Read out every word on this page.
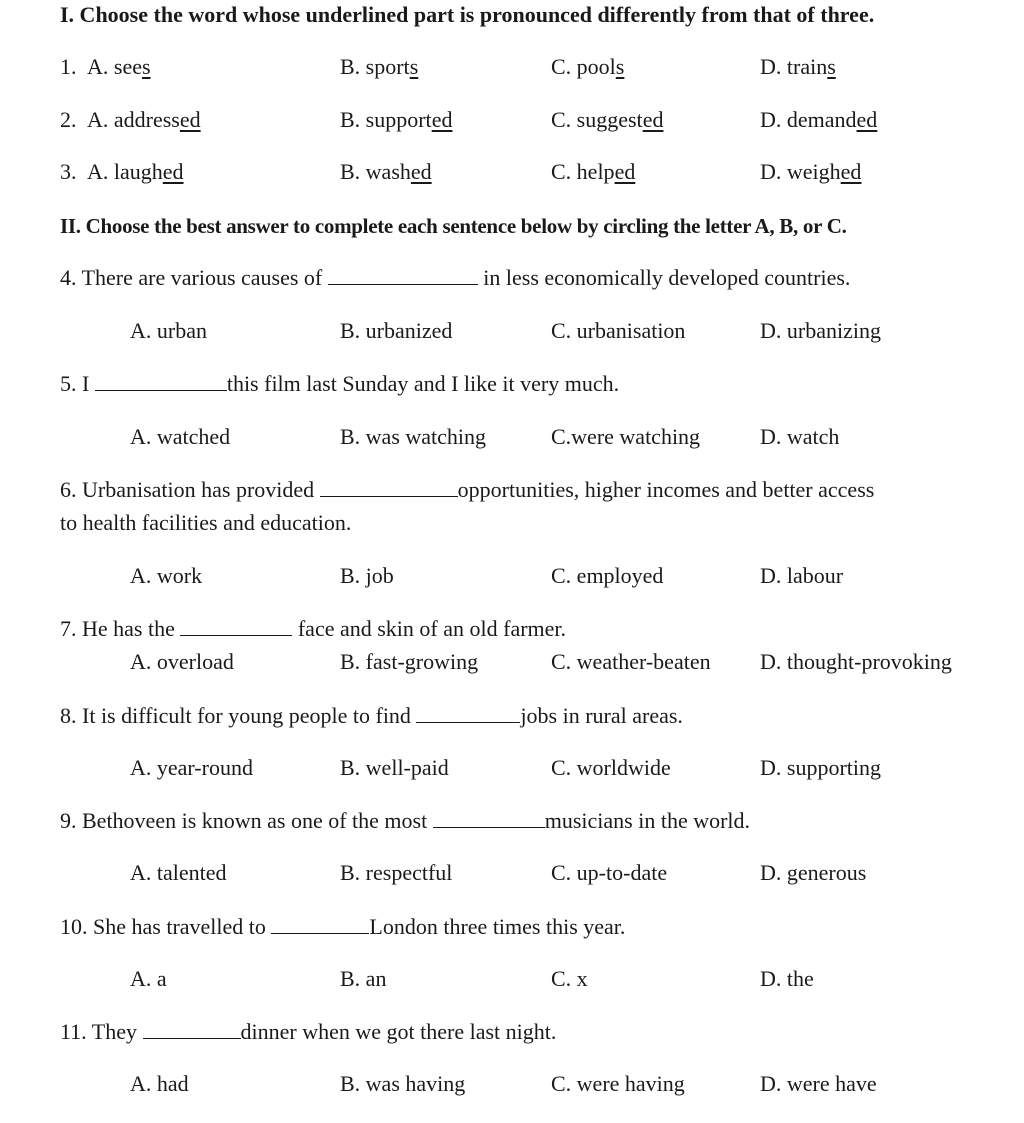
I. Choose the word whose underlined part is pronounced differently from that of three.
1. A. sees	B. sports	C. pools	D. trains
2. A. addressed	B. supported	C. suggested	D. demanded
3. A. laughed	B. washed	C. helped	D. weighed
II. Choose the best answer to complete each sentence below by circling the letter A, B, or C.
4. There are various causes of	in less economically developed countries.
A. urban	B. urbanized	C. urbanisation	D. urbanizing
5. I	this film last Sunday and I like it very much.
A. watched	B. was watching	C.were watching	D. watch
6. Urbanisation has provided	opportunities, higher incomes and better access
to health facilities and education.
A. work	B. job	C. employed	D. labour
7. He has the	face and skin of an old farmer.
A. overload	B. fast-growing	C. weather-beaten D. thought-provoking
8. It is difficult for young people to find	jobs in rural areas.
A. year-round	B. well-paid	C. worldwide	D. supporting
9. Bethoveen is known as one of the most	musicians in the world.
A. talented	B. respectful	C. up-to-date	D. generous
10. She has travelled to	London three times this year.
A. a	B. an	C. x	D. the
11. They	dinner when we got there last night.
A. had	B. was having	C. were having	D. were have
